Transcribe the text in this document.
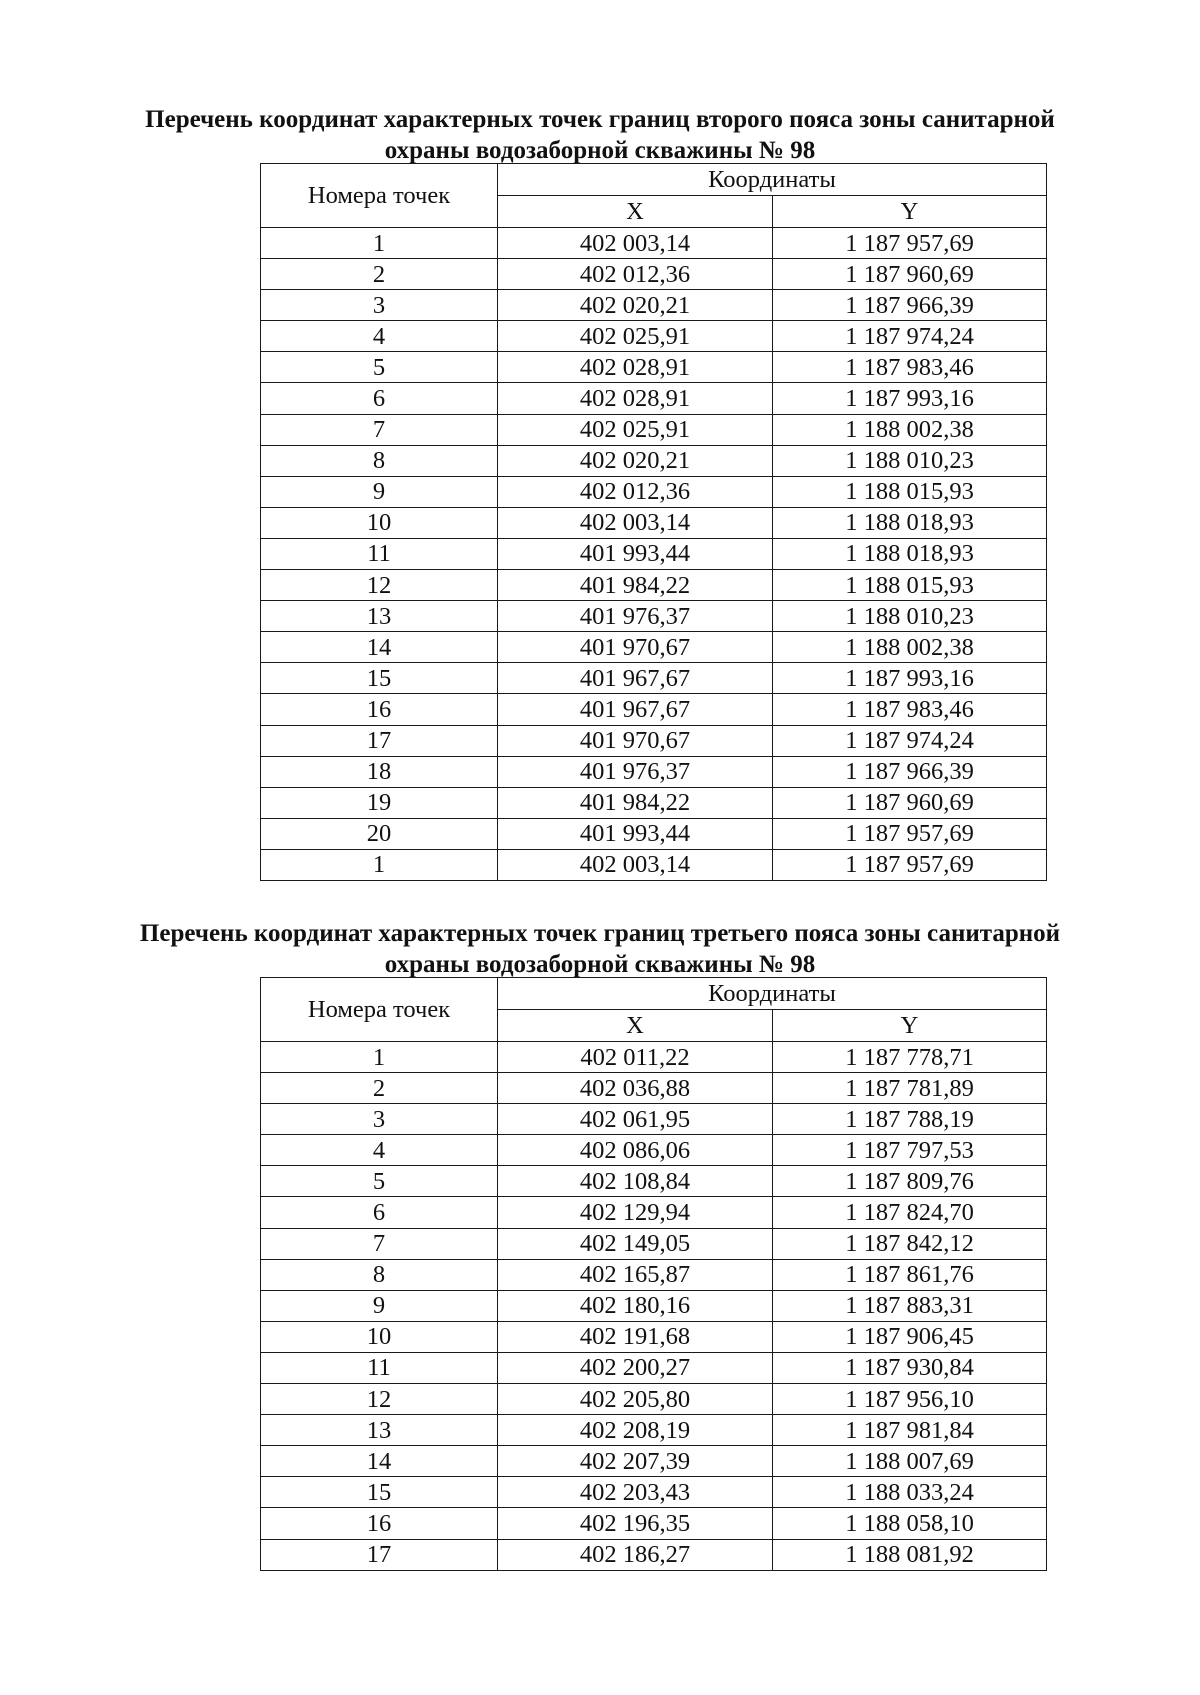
Перечень координат характерных точек границ второго пояса зоны санитарной
охраны водозаборной скважины № 98
Номера точек	Координаты	
	X	Y
1	402 003,14	1 187 957,69
2	402 012,36	1 187 960,69
3	402 020,21	1 187 966,39
4	402 025,91	1 187 974,24
5	402 028,91	1 187 983,46
6	402 028,91	1 187 993,16
7	402 025,91	1 188 002,38
8	402 020,21	1 188 010,23
9	402 012,36	1 188 015,93
10	402 003,14	1 188 018,93
11	401 993,44	1 188 018,93
12	401 984,22	1 188 015,93
13	401 976,37	1 188 010,23
14	401 970,67	1 188 002,38
15	401 967,67	1 187 993,16
16	401 967,67	1 187 983,46
17	401 970,67	1 187 974,24
18	401 976,37	1 187 966,39
19	401 984,22	1 187 960,69
20	401 993,44	1 187 957,69
1	402 003,14	1 187 957,69
Перечень координат характерных точек границ третьего пояса зоны санитарной
охраны водозаборной скважины № 98
Номера точек	Координаты	
	X	Y
1	402 011,22	1 187 778,71
2	402 036,88	1 187 781,89
3	402 061,95	1 187 788,19
4	402 086,06	1 187 797,53
5	402 108,84	1 187 809,76
6	402 129,94	1 187 824,70
7	402 149,05	1 187 842,12
8	402 165,87	1 187 861,76
9	402 180,16	1 187 883,31
10	402 191,68	1 187 906,45
11	402 200,27	1 187 930,84
12	402 205,80	1 187 956,10
13	402 208,19	1 187 981,84
14	402 207,39	1 188 007,69
15	402 203,43	1 188 033,24
16	402 196,35	1 188 058,10
17	402 186,27	1 188 081,92
